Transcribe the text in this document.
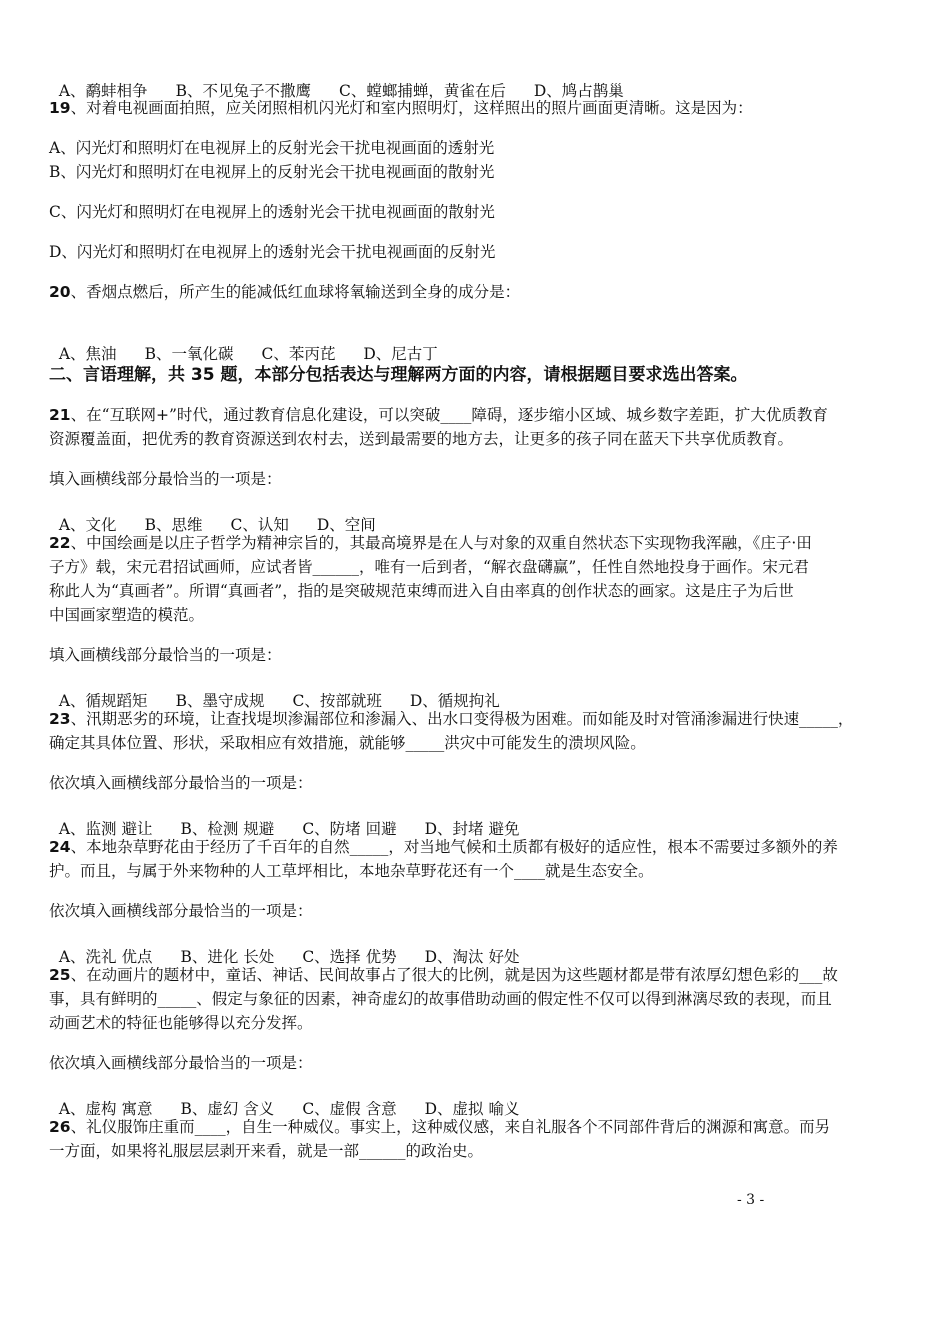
A、鹬蚌相争 B、不见兔子不撒鹰 C、螳螂捕蝉，黄雀在后 D、鸠占鹊巢

19、对着电视画面拍照，应关闭照相机闪光灯和室内照明灯，这样照出的照片画面更清晰。这是因为：
A、闪光灯和照明灯在电视屏上的反射光会干扰电视画面的透射光
B、闪光灯和照明灯在电视屏上的反射光会干扰电视画面的散射光
C、闪光灯和照明灯在电视屏上的透射光会干扰电视画面的散射光
D、闪光灯和照明灯在电视屏上的透射光会干扰电视画面的反射光
20、香烟点燃后，所产生的能减低红血球将氧输送到全身的成分是：

A、焦油 B、一氧化碳 C、苯丙芘 D、尼古丁

二、言语理解，共 35 题，本部分包括表达与理解两方面的内容，请根据题目要求选出答案。
21、在“互联网+”时代，通过教育信息化建设，可以突破____障碍，逐步缩小区域、城乡数字差距，扩大优质教育
资源覆盖面，把优秀的教育资源送到农村去，送到最需要的地方去，让更多的孩子同在蓝天下共享优质教育。
填入画横线部分最恰当的一项是：

A、文化 B、思维 C、认知 D、空间

22、中国绘画是以庄子哲学为精神宗旨的，其最高境界是在人与对象的双重自然状态下实现物我浑融，《庄子·田
子方》载，宋元君招试画师，应试者皆______，唯有一后到者，“解衣盘礴赢”，任性自然地投身于画作。宋元君
称此人为“真画者”。所谓“真画者”，指的是突破规范束缚而进入自由率真的创作状态的画家。这是庄子为后世
中国画家塑造的模范。
填入画横线部分最恰当的一项是：

A、循规蹈矩 B、墨守成规 C、按部就班 D、循规拘礼

23、汛期恶劣的环境，让查找堤坝渗漏部位和渗漏入、出水口变得极为困难。而如能及时对管涌渗漏进行快速_____，
确定其具体位置、形状，采取相应有效措施，就能够_____洪灾中可能发生的溃坝风险。
依次填入画横线部分最恰当的一项是：

A、监测 避让 B、检测 规避 C、防堵 回避 D、封堵 避免

24、本地杂草野花由于经历了千百年的自然_____，对当地气候和土质都有极好的适应性，根本不需要过多额外的养
护。而且，与属于外来物种的人工草坪相比，本地杂草野花还有一个____就是生态安全。
依次填入画横线部分最恰当的一项是：

A、洗礼 优点 B、进化 长处 C、选择 优势 D、淘汰 好处

25、在动画片的题材中，童话、神话、民间故事占了很大的比例，就是因为这些题材都是带有浓厚幻想色彩的___故
事，具有鲜明的_____、假定与象征的因素，神奇虚幻的故事借助动画的假定性不仅可以得到淋漓尽致的表现，而且
动画艺术的特征也能够得以充分发挥。
依次填入画横线部分最恰当的一项是：

A、虚构 寓意 B、虚幻 含义 C、虚假 含意 D、虚拟 喻义

26、礼仪服饰庄重而____，自生一种威仪。事实上，这种威仪感，来自礼服各个不同部件背后的渊源和寓意。而另
一方面，如果将礼服层层剥开来看，就是一部______的政治史。
- 3 -
